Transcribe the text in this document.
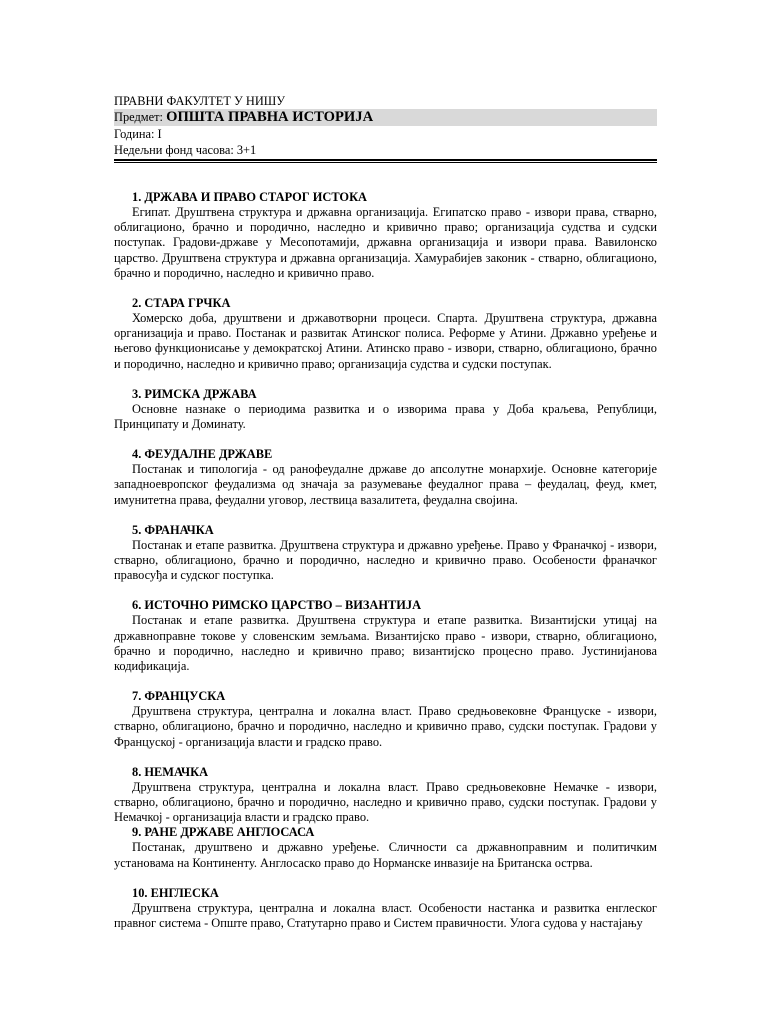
ПРАВНИ ФАКУЛТЕТ У НИШУ
Предмет: ОПШТА ПРАВНА ИСТОРИЈА
Година: I
Недељни фонд часова: 3+1
1. ДРЖАВА И ПРАВО СТАРОГ ИСТОКА

Египат. Друштвена структура и државна организација. Египатско право - извори права, стварно, облигационо, брачно и породично, наследно и кривично право; организација судства и судски поступак. Градови-државе у Месопотамији, државна организација и извори права. Вавилонско царство. Друштвена структура и државна организација. Хамурабијев законик - стварно, облигационо, брачно и породично, наследно и кривично право.

2. СТАРА ГРЧКА

Хомерско доба, друштвени и државотворни процеси. Спарта. Друштвена структура, државна организација и право. Постанак и развитак Атинског полиса. Реформе у Атини. Државно уређење и његово функционисање у демократској Атини. Атинско право - извори, стварно, облигационо, брачно и породично, наследно и кривично право; организација судства и судски поступак.

3. РИМСКА ДРЖАВА

Основне назнаке о периодима развитка и о изворима права у Доба краљева, Републици, Принципату и Доминату.

4. ФЕУДАЛНЕ ДРЖАВЕ

Постанак и типологија - од ранофеудалне државе до апсолутне монархије. Основне категорије западноевропског феудализма од значаја за разумевање феудалног права – феудалац, феуд, кмет, имунитетна права, феудални уговор, лествица вазалитета, феудална својина.

5. ФРАНАЧКА

Постанак и етапе развитка. Друштвена структура и државно уређење. Право у Франачкој - извори, стварно, облигационо, брачно и породично, наследно и кривично право. Особености франачког правосуђа и судског поступка.

6. ИСТОЧНО РИМСКО ЦАРСТВО – ВИЗАНТИЈА

Постанак и етапе развитка. Друштвена структура и етапе развитка. Византијски утицај на државноправне токове у словенским земљама. Византијско право - извори, стварно, облигационо, брачно и породично, наследно и кривично право; византијско процесно право. Јустинијанова кодификација.

7. ФРАНЦУСКА

Друштвена структура, централна и локална власт. Право средњовековне Француске - извори, стварно, облигационо, брачно и породично, наследно и кривично право, судски поступак. Градови у Француској - организација власти и градско право.

8. НЕМАЧКА

Друштвена структура, централна и локална власт. Право средњовековне Немачке - извори, стварно, облигационо, брачно и породично, наследно и кривично право, судски поступак. Градови у Немачкој - организација власти и градско право.

9. РАНЕ ДРЖАВЕ АНГЛОСАСА

Постанак, друштвено и државно уређење. Сличности са државноправним и политичким установама на Континенту. Англосаско право до Норманске инвазије на Британска острва.

10. ЕНГЛЕСКА

Друштвена структура, централна и локална власт. Особености настанка и развитка енглеског правног система - Опште право, Статутарно право и Систем правичности. Улога судова у настајању
